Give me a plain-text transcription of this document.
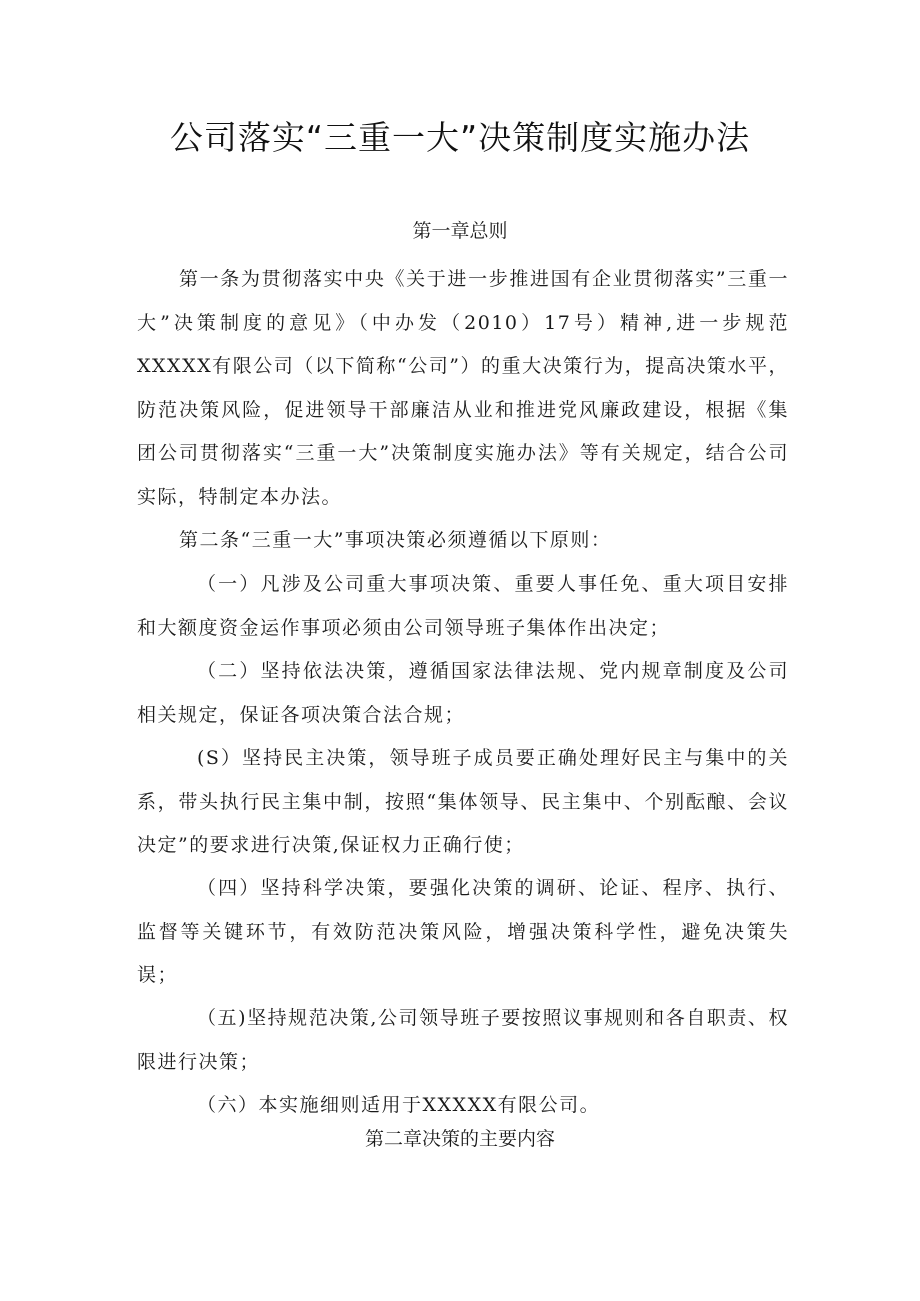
公司落实“三重一大”决策制度实施办法
第一章总则

第一条为贯彻落实中央《关于进一步推进国有企业贯彻落实”三重一大”决策制度的意见》（中办发（2010）17号）精神,进一步规范XXXXX有限公司（以下简称“公司”）的重大决策行为，提高决策水平，防范决策风险，促进领导干部廉洁从业和推进党风廉政建设，根据《集团公司贯彻落实“三重一大”决策制度实施办法》等有关规定，结合公司实际，特制定本办法。

第二条“三重一大”事项决策必须遵循以下原则：

（一）凡涉及公司重大事项决策、重要人事任免、重大项目安排和大额度资金运作事项必须由公司领导班子集体作出决定；

（二）坚持依法决策，遵循国家法律法规、党内规章制度及公司相关规定，保证各项决策合法合规；

(S）坚持民主决策，领导班子成员要正确处理好民主与集中的关系，带头执行民主集中制，按照“集体领导、民主集中、个别酝酿、会议决定”的要求进行决策,保证权力正确行使；

（四）坚持科学决策，要强化决策的调研、论证、程序、执行、监督等关键环节，有效防范决策风险，增强决策科学性，避免决策失误；

（五)坚持规范决策,公司领导班子要按照议事规则和各自职责、权限进行决策；

（六）本实施细则适用于XXXXX有限公司。

第二章决策的主要内容
